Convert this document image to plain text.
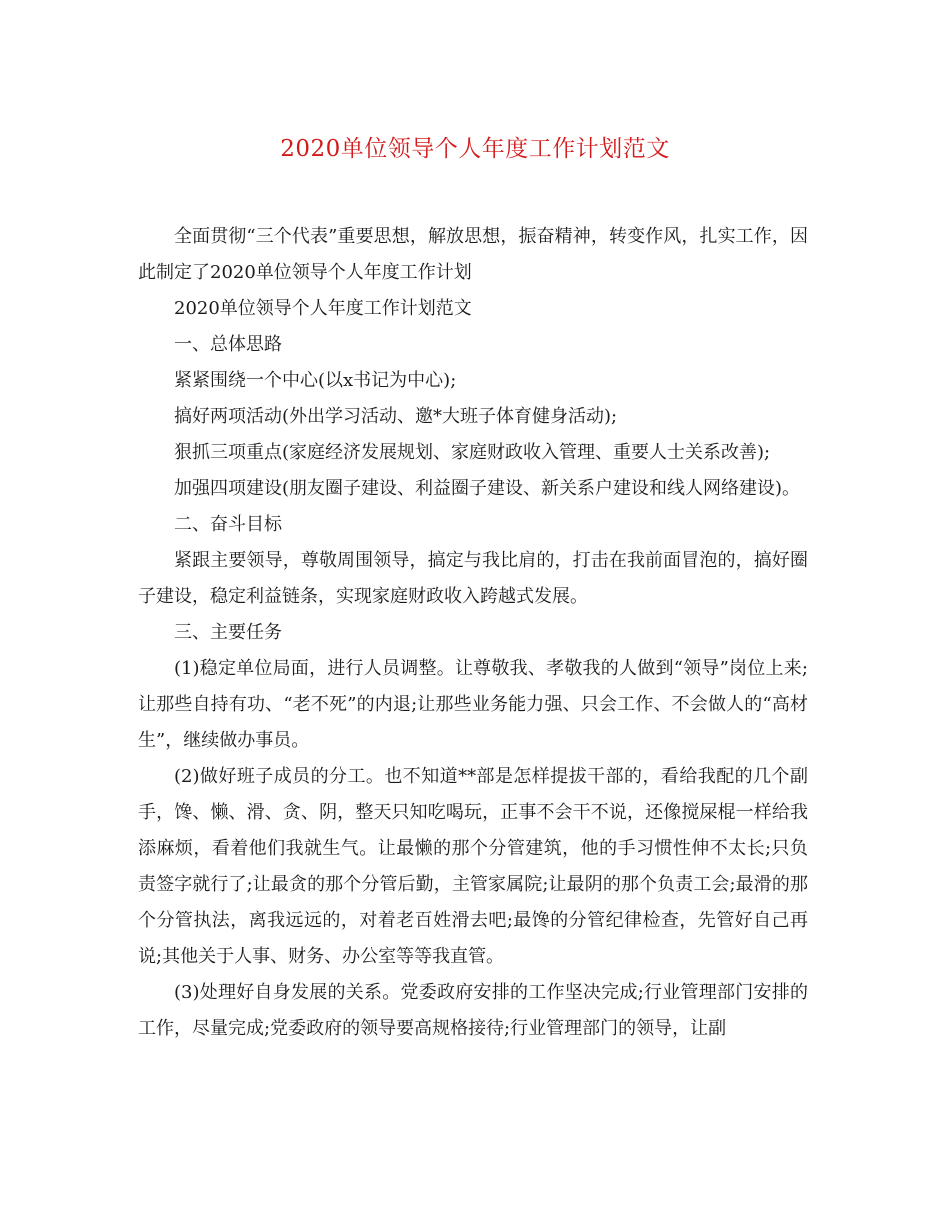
2020单位领导个人年度工作计划范文

全面贯彻“三个代表”重要思想，解放思想，振奋精神，转变作风，扎实工作，因此制定了2020单位领导个人年度工作计划

2020单位领导个人年度工作计划范文

一、总体思路

紧紧围绕一个中心(以x书记为中心);

搞好两项活动(外出学习活动、邀*大班子体育健身活动);

狠抓三项重点(家庭经济发展规划、家庭财政收入管理、重要人士关系改善);

加强四项建设(朋友圈子建设、利益圈子建设、新关系户建设和线人网络建设)。

二、奋斗目标

紧跟主要领导，尊敬周围领导，搞定与我比肩的，打击在我前面冒泡的，搞好圈子建设，稳定利益链条，实现家庭财政收入跨越式发展。

三、主要任务

(1)稳定单位局面，进行人员调整。让尊敬我、孝敬我的人做到“领导”岗位上来;让那些自持有功、“老不死”的内退;让那些业务能力强、只会工作、不会做人的“高材生”，继续做办事员。

(2)做好班子成员的分工。也不知道**部是怎样提拔干部的，看给我配的几个副手，馋、懒、滑、贪、阴，整天只知吃喝玩，正事不会干不说，还像搅屎棍一样给我添麻烦，看着他们我就生气。让最懒的那个分管建筑，他的手习惯性伸不太长;只负责签字就行了;让最贪的那个分管后勤，主管家属院;让最阴的那个负责工会;最滑的那个分管执法，离我远远的，对着老百姓滑去吧;最馋的分管纪律检查，先管好自己再说;其他关于人事、财务、办公室等等我直管。

(3)处理好自身发展的关系。党委政府安排的工作坚决完成;行业管理部门安排的工作，尽量完成;党委政府的领导要高规格接待;行业管理部门的领导，让副
